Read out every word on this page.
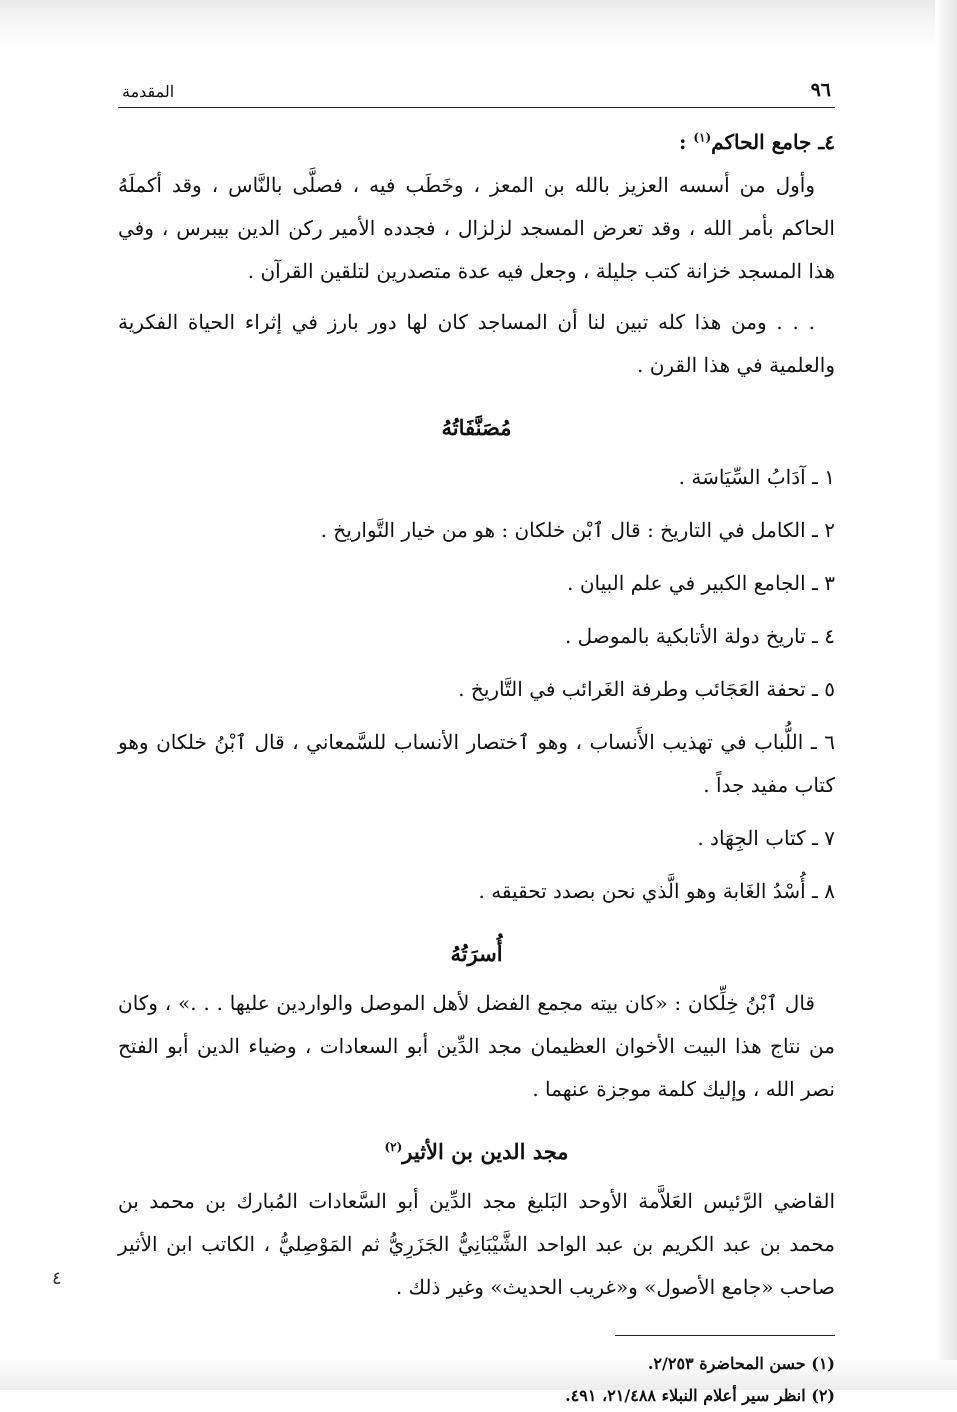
٩٦
المقدمة
٤ـ جامع الحاكم$^{(١)}$ :

وأول من أسسه العزيز بالله بن المعز ، وخَطَب فيه ، فصلَّى بالنَّاس ، وقد أكملَهُ الحاكم بأمر الله ، وقد تعرض المسجد لزلزال ، فجدده الأمير ركن الدين بيبرس ، وفي هذا المسجد خزانة كتب جليلة ، وجعل فيه عدة متصدرين لتلقين القرآن .

. . . ومن هذا كله تبين لنا أن المساجد كان لها دور بارز في إثراء الحياة الفكرية والعلمية في هذا القرن .

مُصَنَّفَاتُهُ

١ ـ آدَابُ السِّيَاسَة .

٢ ـ الكامل في التاريخ : قال ٱبْن خلكان : هو من خيار التَّواريخ .

٣ ـ الجامع الكبير في علم البيان .

٤ ـ تاريخ دولة الأتابكية بالموصل .

٥ ـ تحفة العَجَائب وطرفة الغَرائب في التَّاريخ .

٦ ـ اللُّباب في تهذيب الأَنساب ، وهو ٱختصار الأنساب للسَّمعاني ، قال ٱبْنُ خلكان وهو كتاب مفيد جداً .

٧ ـ كتاب الجِهَاد .

٨ ـ أُسْدُ الغَابة وهو الَّذي نحن بصدد تحقيقه .

أُسرَتُهُ

قال ٱبْنُ خِلِّكان : «كان بيته مجمع الفضل لأهل الموصل والواردين عليها . . .» ، وكان من نتاج هذا البيت الأخوان العظيمان مجد الدِّين أبو السعادات ، وضياء الدين أبو الفتح نصر الله ، وإليك كلمة موجزة عنهما .

مجد الدين بن الأثير$^{(٢)}$

القاضي الرَّئيس العَلاَّمة الأوحد البَليغ مجد الدِّين أبو السَّعادات المُبارك بن محمد بن محمد بن عبد الكريم بن عبد الواحد الشَّيْبَانِيُّ الجَزَرِيُّ ثم المَوْصِليُّ ، الكاتب ابن الأثير صاحب «جامع الأصول» و«غريب الحديث» وغير ذلك .

(١) حسن المحاضرة ٢/٢٥٣.

(٢) انظر سير أعلام النبلاء ٢١/٤٨٨، ٤٩١.

٤
